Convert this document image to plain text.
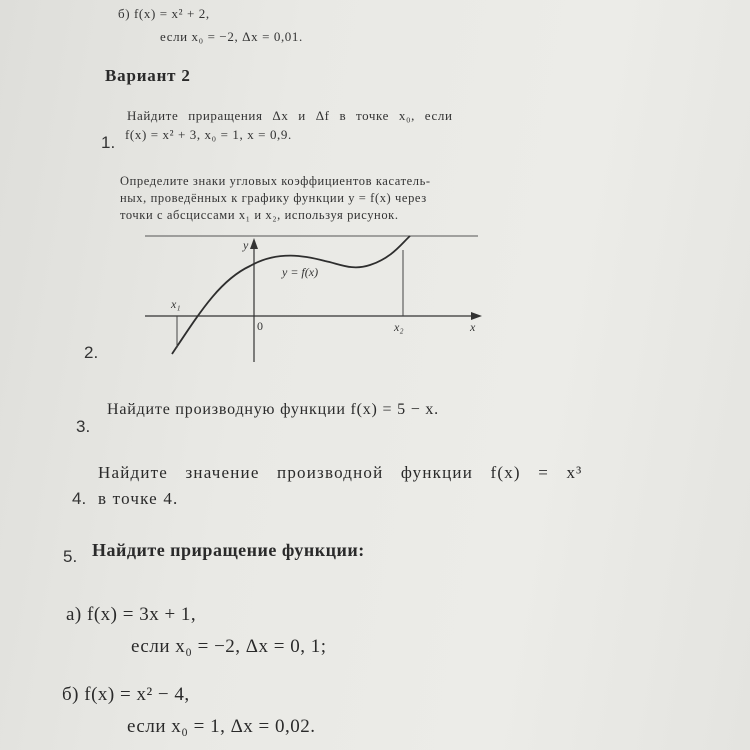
б) f(x) = x² + 2,
если x₀ = −2, Δx = 0,01.
Вариант 2
Найдите приращения Δx и Δf в точке x₀, если
f(x) = x² + 3, x₀ = 1, x = 0,9.
1.
Определите знаки угловых коэффициентов касатель-
ных, проведённых к графику функции y = f(x) через
точки с абсциссами x₁ и x₂, используя рисунок.
y
x
0
y = f(x)
x₁
x₂
2.
Найдите производную функции f(x) = 5 − x.
3.
Найдите значение производной функции f(x) = x³
в точке 4.
4.
5. Найдите приращение функции:
а) f(x) = 3x + 1,
если x₀ = −2, Δx = 0, 1;
б) f(x) = x² − 4,
если x₀ = 1, Δx = 0,02.
